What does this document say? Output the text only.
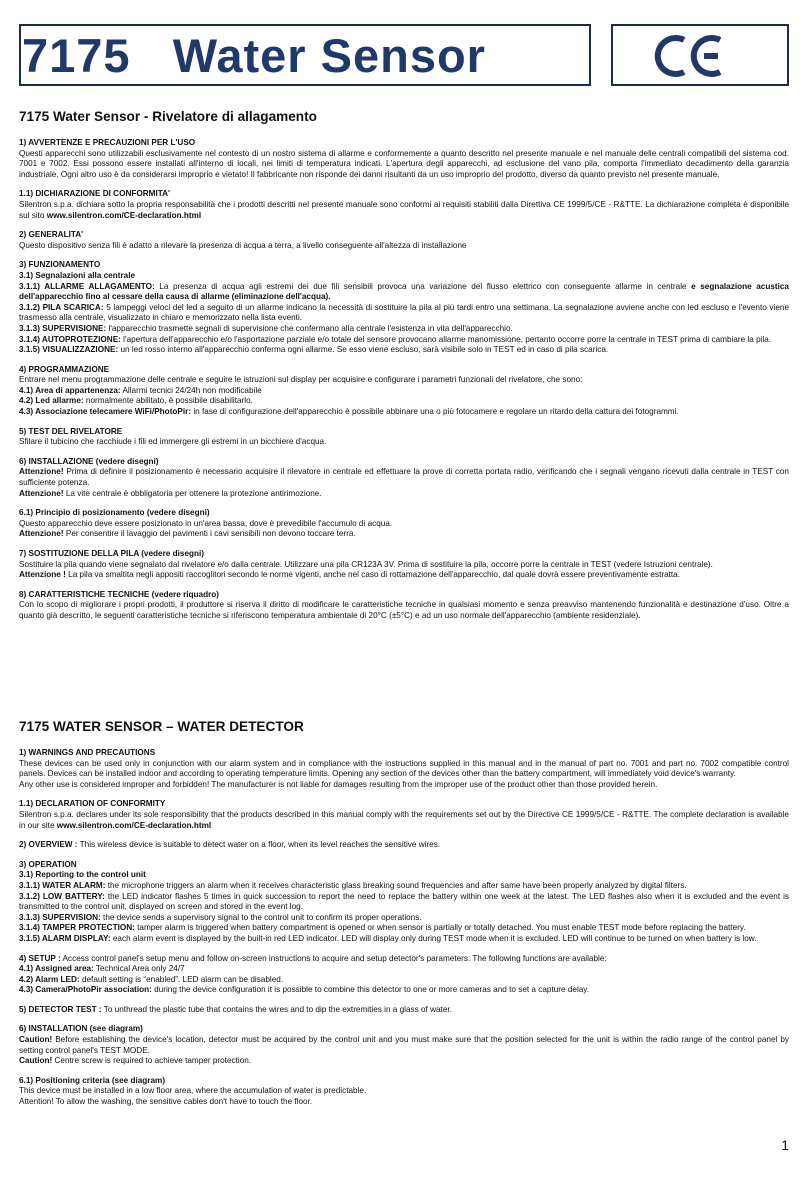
7175   Water Sensor
7175 Water Sensor - Rivelatore di allagamento

1) AVVERTENZE E PRECAUZIONI PER L'USO

Questi apparecchi sono utilizzabili esclusivamente nel contesto di un nostro sistema di allarme e conformemente a quanto descritto nel presente manuale e nel manuale delle centrali compatibili del sistema cod. 7001 e 7002. Essi possono essere installati all'interno di locali, nei limiti di temperatura indicati. L'apertura degli apparecchi, ad esclusione del vano pila, comporta l'immediato decadimento della garanzia industriale. Ogni altro uso è da considerarsi improprio e vietato! Il fabbricante non risponde dei danni risultanti da un uso improprio del prodotto, diverso da quanto previsto nel presente manuale.

1.1) DICHIARAZIONE DI CONFORMITA'

Silentron s.p.a. dichiara sotto la propria responsabilità che i prodotti descritti nel presente manuale sono conformi ai requisiti stabiliti dalla Direttiva CE 1999/5/CE - R&TTE. La dichiarazione completa è disponibile sul sito www.silentron.com/CE-declaration.html

2) GENERALITA'

Questo dispositivo senza fili è adatto a rilevare la presenza di acqua a terra, a livello conseguente all'altezza di installazione

3) FUNZIONAMENTO

3.1) Segnalazioni alla centrale

3.1.1) ALLARME ALLAGAMENTO: La presenza di acqua agli estremi dei due fili sensibili provoca una variazione del flusso elettrico con conseguente allarme in centrale e segnalazione acustica dell'apparecchio fino al cessare della causa di allarme (eliminazione dell'acqua).

3.1.2) PILA SCARICA: 5 lampeggi veloci del led a seguito di un allarme indicano la necessità di sostituire la pila al più tardi entro una settimana. La segnalazione avviene anche con led escluso e l'evento viene trasmesso alla centrale, visualizzato in chiaro e memorizzato nella lista eventi.

3.1.3) SUPERVISIONE: l'apparecchio trasmette segnali di supervisione che confermano alla centrale l'esistenza in vita dell'apparecchio.

3.1.4) AUTOPROTEZIONE: l'apertura dell'apparecchio e/o l'asportazione parziale e/o totale del sensore provocano allarme manomissione, pertanto occorre porre la centrale in TEST prima di cambiare la pila.

3.1.5) VISUALIZZAZIONE: un led rosso interno all'apparecchio conferma ogni allarme. Se esso viene escluso, sarà visibile solo in TEST ed in caso di pila scarica.

4) PROGRAMMAZIONE

Entrare nel menu programmazione delle centrale e seguire le istruzioni sul display per acquisire e configurare i parametri funzionali del rivelatore, che sono:

4.1) Area di appartenenza: Allarmi tecnici 24/24h non modificabile

4.2) Led allarme: normalmente abilitato, è possibile disabilitarlo.

4.3) Associazione telecamere WiFi/PhotoPir: in fase di configurazione dell'apparecchio è possibile abbinare una o più fotocamere e regolare un ritardo della cattura dei fotogrammi.

5) TEST DEL RIVELATORE

Sfilare il tubicino che racchiude i fili ed immergere gli estremi in un bicchiere d'acqua.

6) INSTALLAZIONE (vedere disegni)

Attenzione! Prima di definire il posizionamento è necessario acquisire il rilevatore in centrale ed effettuare la prove di corretta portata radio, verificando che i segnali vengano ricevuti dalla centrale in TEST con sufficiente potenza.

Attenzione! La vite centrale è obbligatoria per ottenere la protezione antirimozione.

6.1) Principio di posizionamento (vedere disegni)

Questo apparecchio deve essere posizionato in un'area bassa, dove è prevedibile l'accumulo di acqua.

Attenzione! Per consentire il lavaggio dei pavimenti i cavi sensibili non devono toccare terra.

7) SOSTITUZIONE DELLA PILA (vedere disegni)

Sostituire la pila quando viene segnalato dal rivelatore e/o dalla centrale. Utilizzare una pila CR123A 3V. Prima di sostituire la pila, occorre porre la centrale in TEST (vedere Istruzioni centrale).

Attenzione ! La pila va smaltita negli appositi raccoglitori secondo le norme vigenti, anche nel caso di rottamazione dell'apparecchio, dal quale dovrà essere preventivamente estratta.

8) CARATTERISTICHE TECNICHE (vedere riquadro)

Con lo scopo di migliorare i propri prodotti, il produttore si riserva il diritto di modificare le caratteristiche tecniche in qualsiasi momento e senza preavviso mantenendo funzionalità e destinazione d'uso. Oltre a quanto già descritto, le seguenti caratteristiche tecniche si riferiscono temperatura ambientale di 20°C (±5°C) e ad un uso normale dell'apparecchio (ambiente residenziale).

7175 WATER SENSOR – WATER DETECTOR

1) WARNINGS AND PRECAUTIONS

These devices can be used only in conjunction with our alarm system and in compliance with the instructions supplied in this manual and in the manual of part no. 7001 and part no. 7002 compatible control panels. Devices can be installed indoor and according to operating temperature limits. Opening any section of the devices other than the battery compartment, will immediately void device's warranty.

Any other use is considered improper and forbidden! The manufacturer is not liable for damages resulting from the improper use of the product other than those provided herein.

1.1) DECLARATION OF CONFORMITY

Silentron s.p.a. declares under its sole responsibility that the products described in this manual comply with the requirements set out by the Directive CE 1999/5/CE - R&TTE. The complete declaration is available in our site www.silentron.com/CE-declaration.html

2) OVERVIEW : This wireless device is suitable to detect water on a floor, when its level reaches the sensitive wires.

3) OPERATION

3.1) Reporting to the control unit

3.1.1) WATER ALARM: the microphone triggers an alarm when it receives characteristic glass breaking sound frequencies and after same have been properly analyzed by digital filters.

3.1.2) LOW BATTERY: the LED indicator flashes 5 times in quick succession to report the need to replace the battery within one week at the latest. The LED flashes also when it is excluded and the event is transmitted to the control unit, displayed on screen and stored in the event log.

3.1.3) SUPERVISION: the device sends a supervisory signal to the control unit to confirm its proper operations.

3.1.4) TAMPER PROTECTION: tamper alarm is triggered when battery compartment is opened or when sensor is partially or totally detached. You must enable TEST mode before replacing the battery.

3.1.5) ALARM DISPLAY: each alarm event is displayed by the built-in red LED indicator. LED will display only during TEST mode when it is excluded. LED will continue to be turned on when battery is low.

4) SETUP : Access control panel's setup menu and follow on-screen instructions to acquire and setup detector's parameters. The following functions are available:

4.1) Assigned area: Technical Area only 24/7

4.2) Alarm LED: default setting is “enabled”. LED alarm can be disabled.

4.3) Camera/PhotoPir association: during the device configuration it is possible to combine this detector to one or more cameras and to set a capture delay.

5) DETECTOR TEST : To unthread the plastic tube that contains the wires and to dip the extremities in a glass of water.

6) INSTALLATION (see diagram)

Caution! Before establishing the device's location, detector must be acquired by the control unit and you must make sure that the position selected for the unit is within the radio range of the control panel by setting control panel's TEST MODE.

Caution! Centre screw is required to achieve tamper protection.

6.1) Positioning criteria (see diagram)

This device must be installed in a low floor area, where the accumulation of water is predictable.

Attention! To allow the washing, the sensitive cables don't have to touch the floor.

1
